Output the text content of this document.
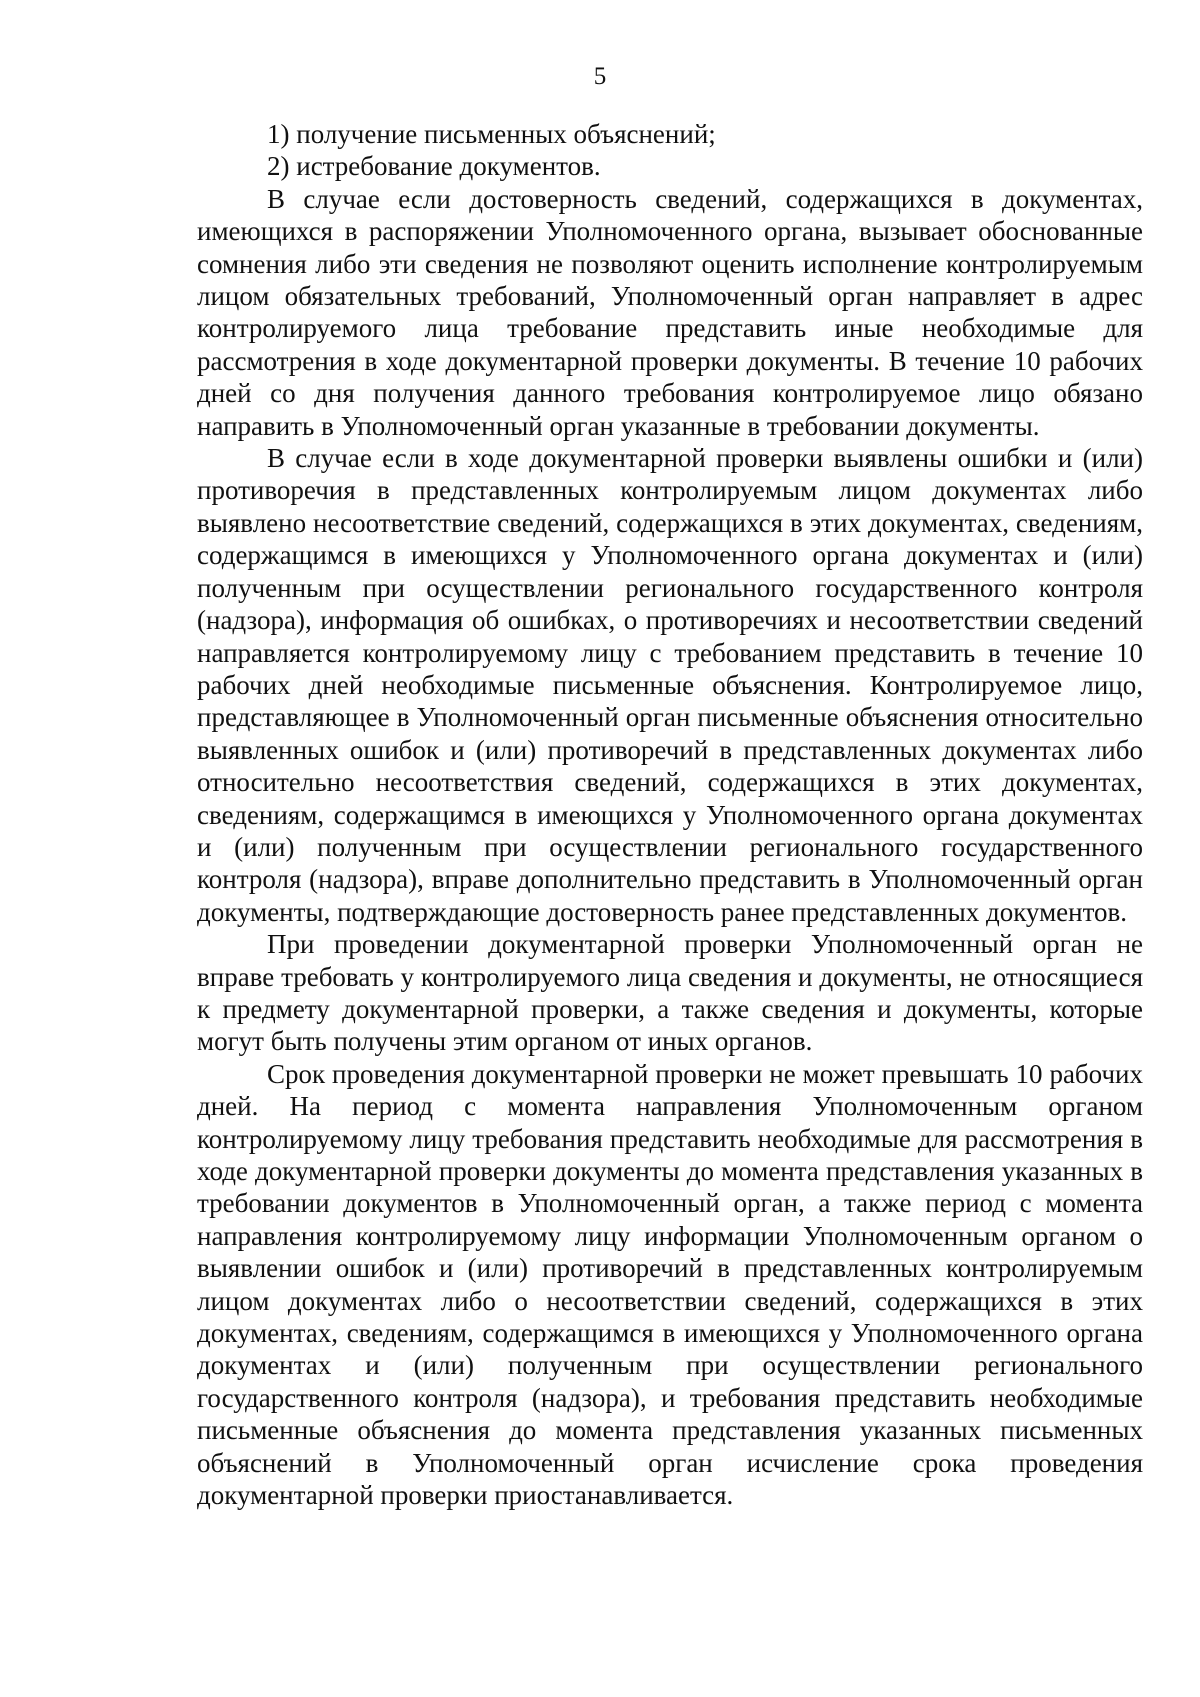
5

1) получение письменных объяснений;

2) истребование документов.

В случае если достоверность сведений, содержащихся в документах, имеющихся в распоряжении Уполномоченного органа, вызывает обоснованные сомнения либо эти сведения не позволяют оценить исполнение контролируемым лицом обязательных требований, Уполномоченный орган направляет в адрес контролируемого лица требование представить иные необходимые для рассмотрения в ходе документарной проверки документы. В течение 10 рабочих дней со дня получения данного требования контролируемое лицо обязано направить в Уполномоченный орган указанные в требовании документы.

В случае если в ходе документарной проверки выявлены ошибки и (или) противоречия в представленных контролируемым лицом документах либо выявлено несоответствие сведений, содержащихся в этих документах, сведениям, содержащимся в имеющихся у Уполномоченного органа документах и (или) полученным при осуществлении регионального государственного контроля (надзора), информация об ошибках, о противоречиях и несоответствии сведений направляется контролируемому лицу с требованием представить в течение 10 рабочих дней необходимые письменные объяснения. Контролируемое лицо, представляющее в Уполномоченный орган письменные объяснения относительно выявленных ошибок и (или) противоречий в представленных документах либо относительно несоответствия сведений, содержащихся в этих документах, сведениям, содержащимся в имеющихся у Уполномоченного органа документах и (или) полученным при осуществлении регионального государственного контроля (надзора), вправе дополнительно представить в Уполномоченный орган документы, подтверждающие достоверность ранее представленных документов.

При проведении документарной проверки Уполномоченный орган не вправе требовать у контролируемого лица сведения и документы, не относящиеся к предмету документарной проверки, а также сведения и документы, которые могут быть получены этим органом от иных органов.

Срок проведения документарной проверки не может превышать 10 рабочих дней. На период с момента направления Уполномоченным органом контролируемому лицу требования представить необходимые для рассмотрения в ходе документарной проверки документы до момента представления указанных в требовании документов в Уполномоченный орган, а также период с момента направления контролируемому лицу информации Уполномоченным органом о выявлении ошибок и (или) противоречий в представленных контролируемым лицом документах либо о несоответствии сведений, содержащихся в этих документах, сведениям, содержащимся в имеющихся у Уполномоченного органа документах и (или) полученным при осуществлении регионального государственного контроля (надзора), и требования представить необходимые письменные объяснения до момента представления указанных письменных объяснений в Уполномоченный орган исчисление срока проведения документарной проверки приостанавливается.
